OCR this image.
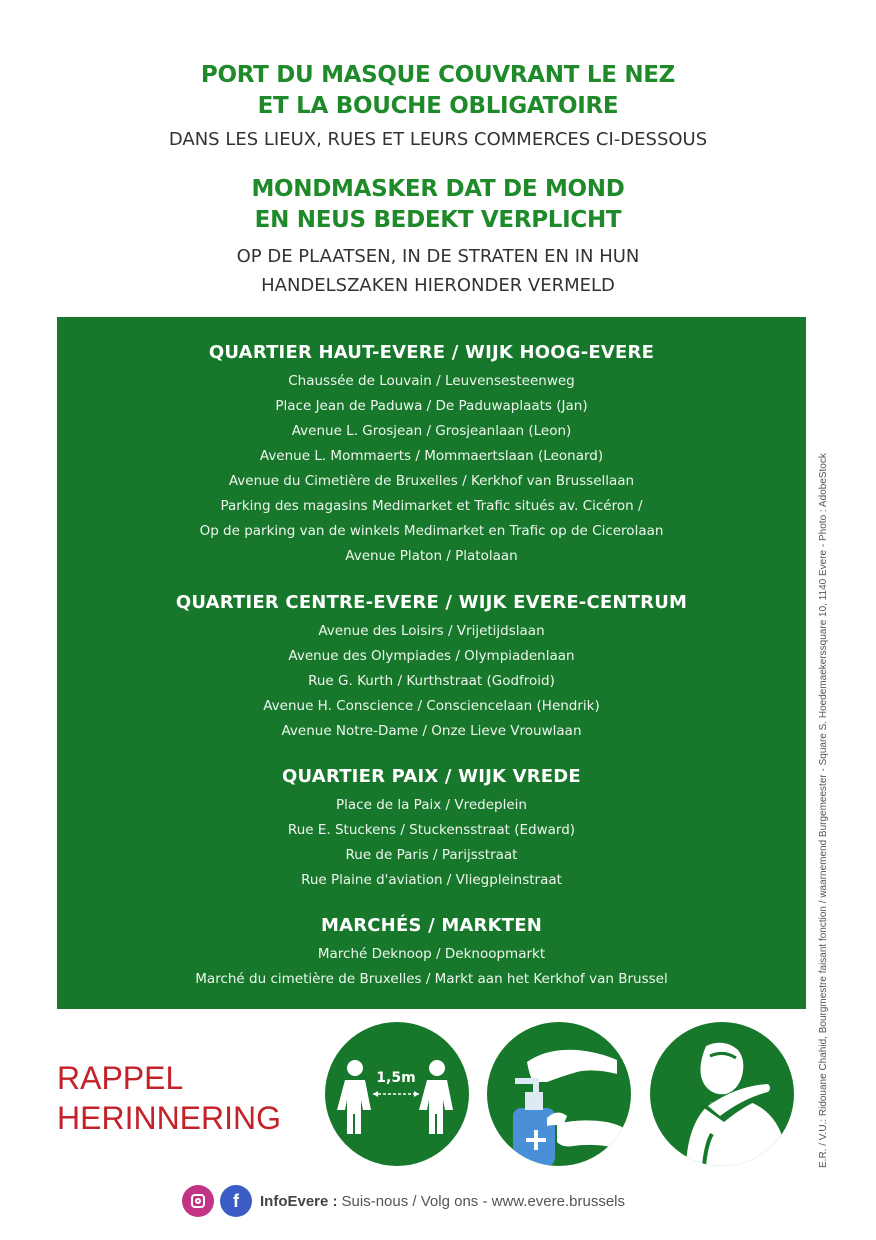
PORT DU MASQUE COUVRANT LE NEZ
ET LA BOUCHE OBLIGATOIRE
DANS LES LIEUX, RUES ET LEURS COMMERCES CI-DESSOUS
MONDMASKER DAT DE MOND
EN NEUS BEDEKT VERPLICHT
OP DE PLAATSEN, IN DE STRATEN EN IN HUN
HANDELSZAKEN HIERONDER VERMELD
QUARTIER HAUT-EVERE / WIJK HOOG-EVERE
Chaussée de Louvain / Leuvensesteenweg
Place Jean de Paduwa / De Paduwaplaats (Jan)
Avenue L. Grosjean / Grosjeanlaan (Leon)
Avenue L. Mommaerts / Mommaertslaan (Leonard)
Avenue du Cimetière de Bruxelles / Kerkhof van Brussellaan
Parking des magasins Medimarket et Trafic situés av. Cicéron /
Op de parking van de winkels Medimarket en Trafic op de Cicerolaan
Avenue Platon / Platolaan
QUARTIER CENTRE-EVERE / WIJK EVERE-CENTRUM
Avenue des Loisirs / Vrijetijdslaan
Avenue des Olympiades / Olympiadenlaan
Rue G. Kurth / Kurthstraat (Godfroid)
Avenue H. Conscience / Consciencelaan (Hendrik)
Avenue Notre-Dame / Onze Lieve Vrouwlaan
QUARTIER PAIX / WIJK VREDE
Place de la Paix / Vredeplein
Rue E. Stuckens / Stuckensstraat (Edward)
Rue de Paris / Parijsstraat
Rue Plaine d'aviation / Vliegpleinstraat
MARCHÉS / MARKTEN
Marché Deknoop / Deknoopmarkt
Marché du cimetière de Bruxelles / Markt aan het Kerkhof van Brussel
RAPPEL
HERINNERING
1,5m
f	InfoEvere : Suis-nous / Volg ons - www.evere.brussels
E.R. / V.U.: Ridouane Chahid, Bourgmestre faisant fonction / waarnemend Burgemeester - Square S. Hoedemaekerssquare 10, 1140 Evere - Photo : AdobeStock
